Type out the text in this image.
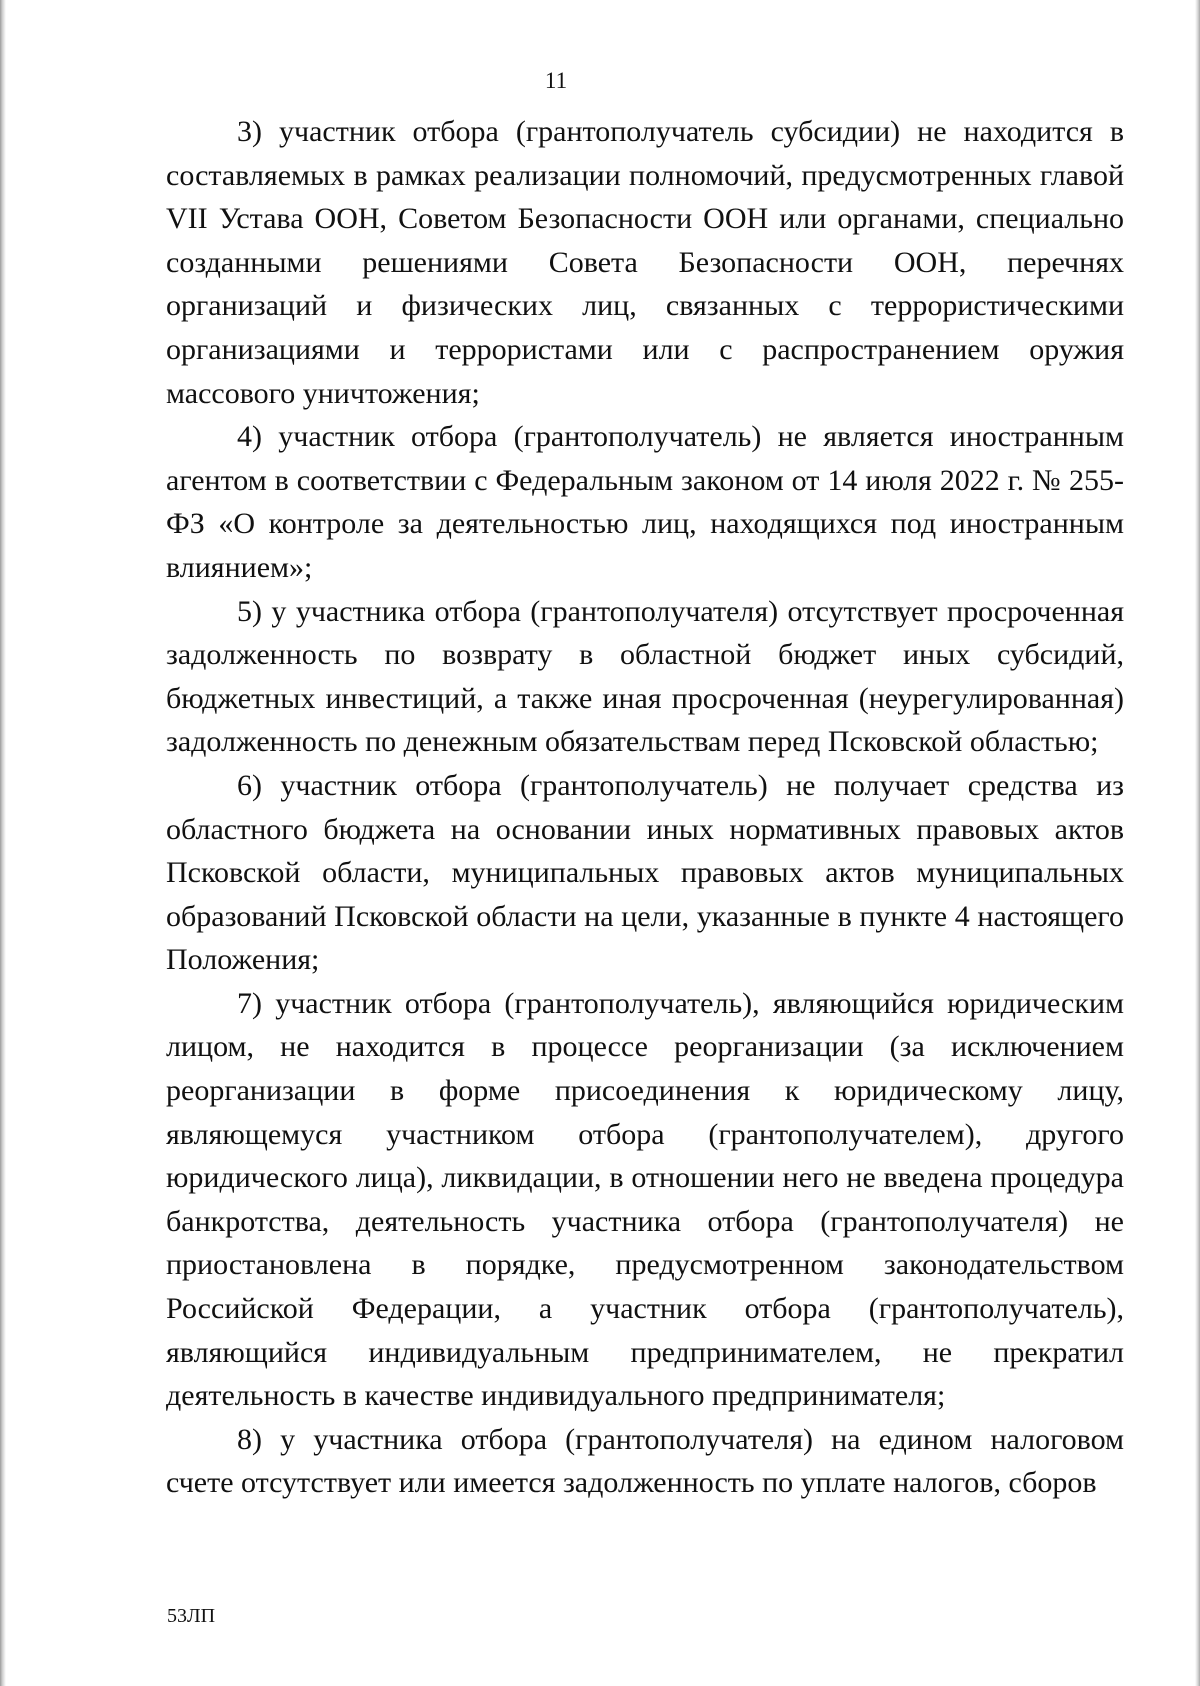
11

3) участник отбора (грантополучатель субсидии) не находится в составляемых в рамках реализации полномочий, предусмотренных главой VII Устава ООН, Советом Безопасности ООН или органами, специально созданными решениями Совета Безопасности ООН, перечнях организаций и физических лиц, связанных с террористическими организациями и террористами или с распространением оружия массового уничтожения;

4) участник отбора (грантополучатель) не является иностранным агентом в соответствии с Федеральным законом от 14 июля 2022 г. № 255-ФЗ «О контроле за деятельностью лиц, находящихся под иностранным влиянием»;

5) у участника отбора (грантополучателя) отсутствует просроченная задолженность по возврату в областной бюджет иных субсидий, бюджетных инвестиций, а также иная просроченная (неурегулированная) задолженность по денежным обязательствам перед Псковской областью;

6) участник отбора (грантополучатель) не получает средства из областного бюджета на основании иных нормативных правовых актов Псковской области, муниципальных правовых актов муниципальных образований Псковской области на цели, указанные в пункте 4 настоящего Положения;

7) участник отбора (грантополучатель), являющийся юридическим лицом, не находится в процессе реорганизации (за исключением реорганизации в форме присоединения к юридическому лицу, являющемуся участником отбора (грантополучателем), другого юридического лица), ликвидации, в отношении него не введена процедура банкротства, деятельность участника отбора (грантополучателя) не приостановлена в порядке, предусмотренном законодательством Российской Федерации, а участник отбора (грантополучатель), являющийся индивидуальным предпринимателем, не прекратил деятельность в качестве индивидуального предпринимателя;

8) у участника отбора (грантополучателя) на едином налоговом счете отсутствует или имеется задолженность по уплате налогов, сборов

53ЛП
